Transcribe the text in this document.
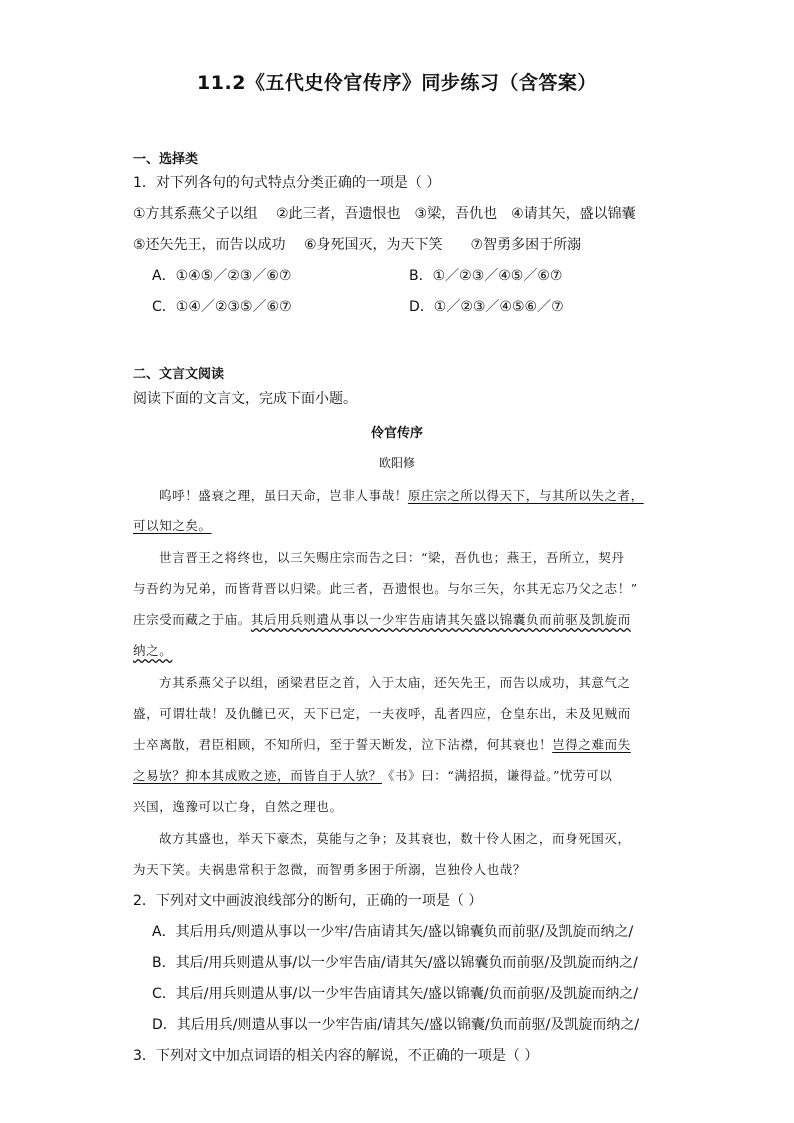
11.2《五代史伶官传序》同步练习（含答案）
一、选择类
1．对下列各句的句式特点分类正确的一项是（ ）
①方其系燕父子以组　 ②此三者，吾遗恨也　③梁，吾仇也　④请其矢，盛以锦囊
⑤还矢先王，而告以成功　 ⑥身死国灭，为天下笑　　⑦智勇多困于所溺
A．①④⑤／②③／⑥⑦	B．①／②③／④⑤／⑥⑦
C．①④／②③⑤／⑥⑦	D．①／②③／④⑤⑥／⑦
二、文言文阅读
阅读下面的文言文，完成下面小题。
伶官传序
欧阳修
呜呼！盛衰之理，虽曰天命，岂非人事哉！原庄宗之所以得天下，与其所以失之者，
可以知之矣。
世言晋王之将终也，以三矢赐庄宗而告之曰：“梁，吾仇也；燕王，吾所立，契丹
与吾约为兄弟，而皆背晋以归梁。此三者，吾遗恨也。与尔三矢，尔其无忘乃父之志！”
庄宗受而藏之于庙。其后用兵则遣从事以一少牢告庙请其矢盛以锦囊负而前驱及凯旋而
纳之。
方其系燕父子以组，函梁君臣之首，入于太庙，还矢先王，而告以成功，其意气之
盛，可谓壮哉！及仇雠已灭，天下已定，一夫夜呼，乱者四应，仓皇东出，未及见贼而
士卒离散，君臣相顾，不知所归，至于誓天断发，泣下沾襟，何其衰也！岂得之难而失
之易欤？抑本其成败之迹，而皆自于人欤？《书》曰：“满招损，谦得益。”忧劳可以
兴国，逸豫可以亡身，自然之理也。
故方其盛也，举天下豪杰，莫能与之争；及其衰也，数十伶人困之，而身死国灭，
为天下笑。夫祸患常积于忽微，而智勇多困于所溺，岂独伶人也哉？
2．下列对文中画波浪线部分的断句，正确的一项是（ ）
A．其后用兵/则遣从事以一少牢/告庙请其矢/盛以锦囊负而前驱/及凯旋而纳之/
B．其后/用兵则遣从事/以一少牢告庙/请其矢/盛以锦囊负而前驱/及凯旋而纳之/
C．其后/用兵则遣从事/以一少牢告庙请其矢/盛以锦囊/负而前驱/及凯旋而纳之/
D．其后用兵/则遣从事以一少牢告庙/请其矢/盛以锦囊/负而前驱/及凯旋而纳之/
3．下列对文中加点词语的相关内容的解说，不正确的一项是（ ）
